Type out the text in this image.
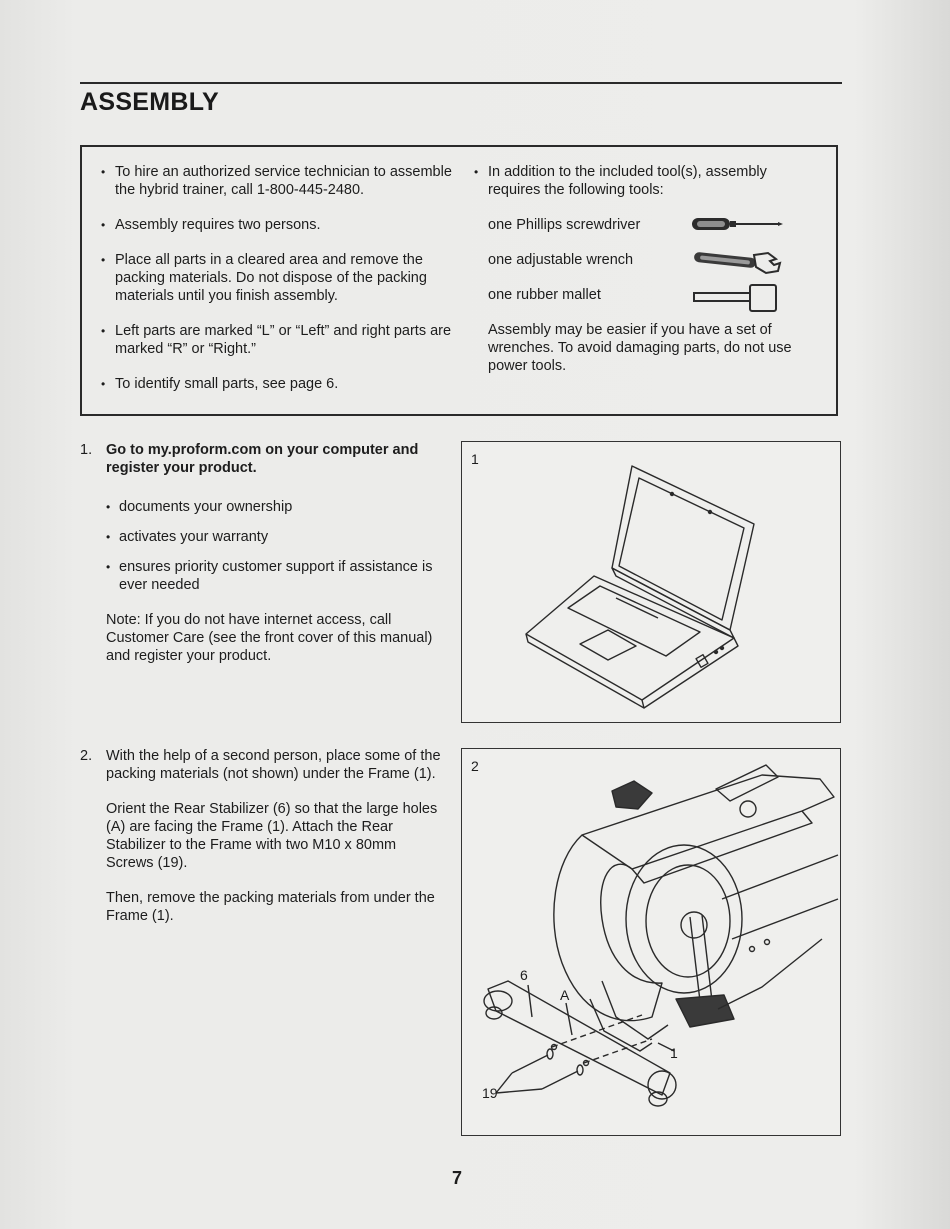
ASSEMBLY
• To hire an authorized service technician to assemble the hybrid trainer, call 1-800-445-2480.
• Assembly requires two persons.
• Place all parts in a cleared area and remove the packing materials. Do not dispose of the packing materials until you finish assembly.
• Left parts are marked “L” or “Left” and right parts are marked “R” or “Right.”
• To identify small parts, see page 6.
• In addition to the included tool(s), assembly requires the following tools:
one Phillips screwdriver
one adjustable wrench
one rubber mallet
Assembly may be easier if you have a set of wrenches. To avoid damaging parts, do not use power tools.
1. Go to my.proform.com on your computer and register your product.

• documents your ownership
• activates your warranty
• ensures priority customer support if assistance is ever needed

Note: If you do not have internet access, call Customer Care (see the front cover of this manual) and register your product.

2. With the help of a second person, place some of the packing materials (not shown) under the Frame (1).

Orient the Rear Stabilizer (6) so that the large holes (A) are facing the Frame (1). Attach the Rear Stabilizer to the Frame with two M10 x 80mm Screws (19).

Then, remove the packing materials from under the Frame (1).

1
2
6
A
1
19
7
